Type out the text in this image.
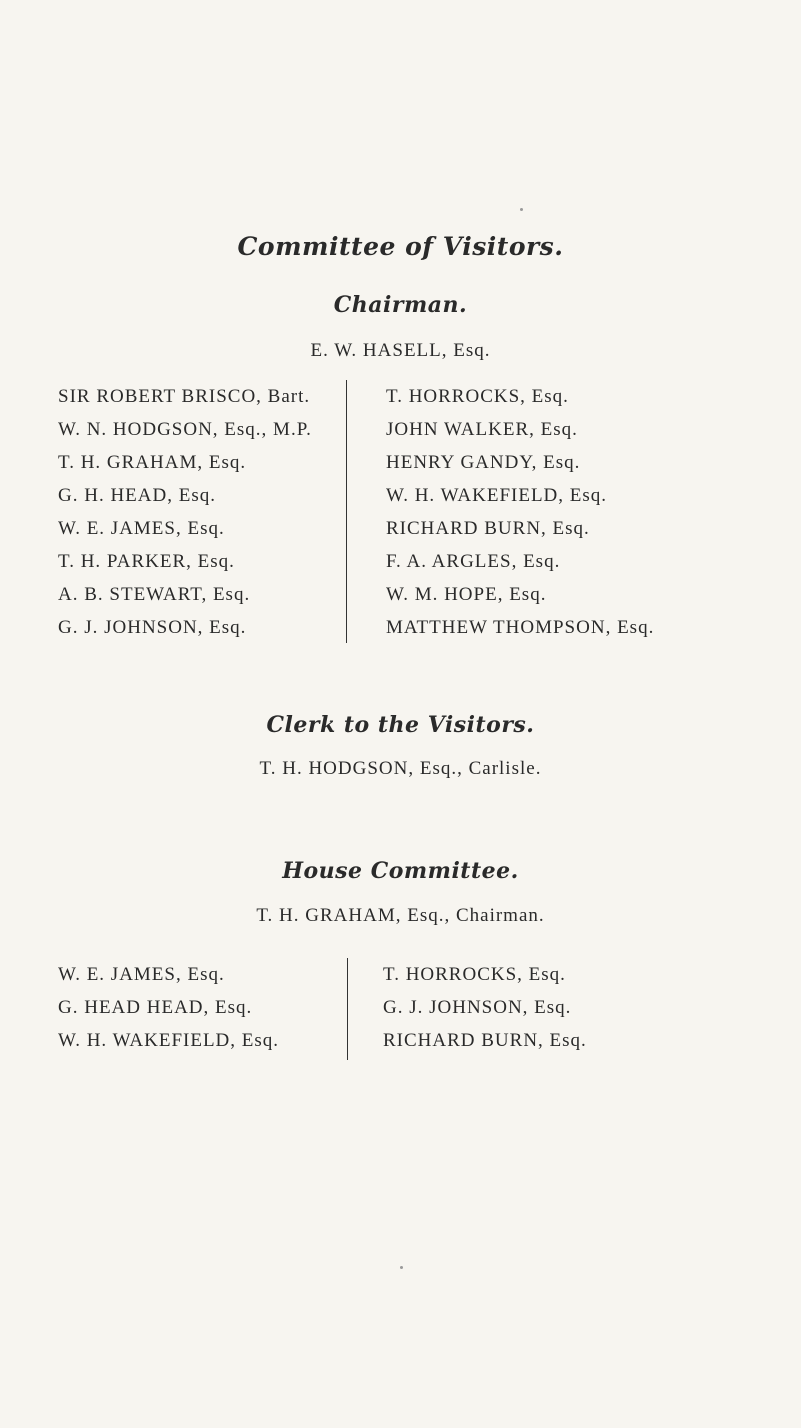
Committee of Visitors.
Chairman.
E. W. HASELL, Esq.
SIR ROBERT BRISCO, Bart.
W. N. HODGSON, Esq., M.P.
T. H. GRAHAM, Esq.
G. H. HEAD, Esq.
W. E. JAMES, Esq.
T. H. PARKER, Esq.
A. B. STEWART, Esq.
G. J. JOHNSON, Esq.
T. HORROCKS, Esq.
JOHN WALKER, Esq.
HENRY GANDY, Esq.
W. H. WAKEFIELD, Esq.
RICHARD BURN, Esq.
F. A. ARGLES, Esq.
W. M. HOPE, Esq.
MATTHEW THOMPSON, Esq.
Clerk to the Visitors.
T. H. HODGSON, Esq., Carlisle.
House Committee.
T. H. GRAHAM, Esq., Chairman.
W. E. JAMES, Esq.
G. HEAD HEAD, Esq.
W. H. WAKEFIELD, Esq.
T. HORROCKS, Esq.
G. J. JOHNSON, Esq.
RICHARD BURN, Esq.
